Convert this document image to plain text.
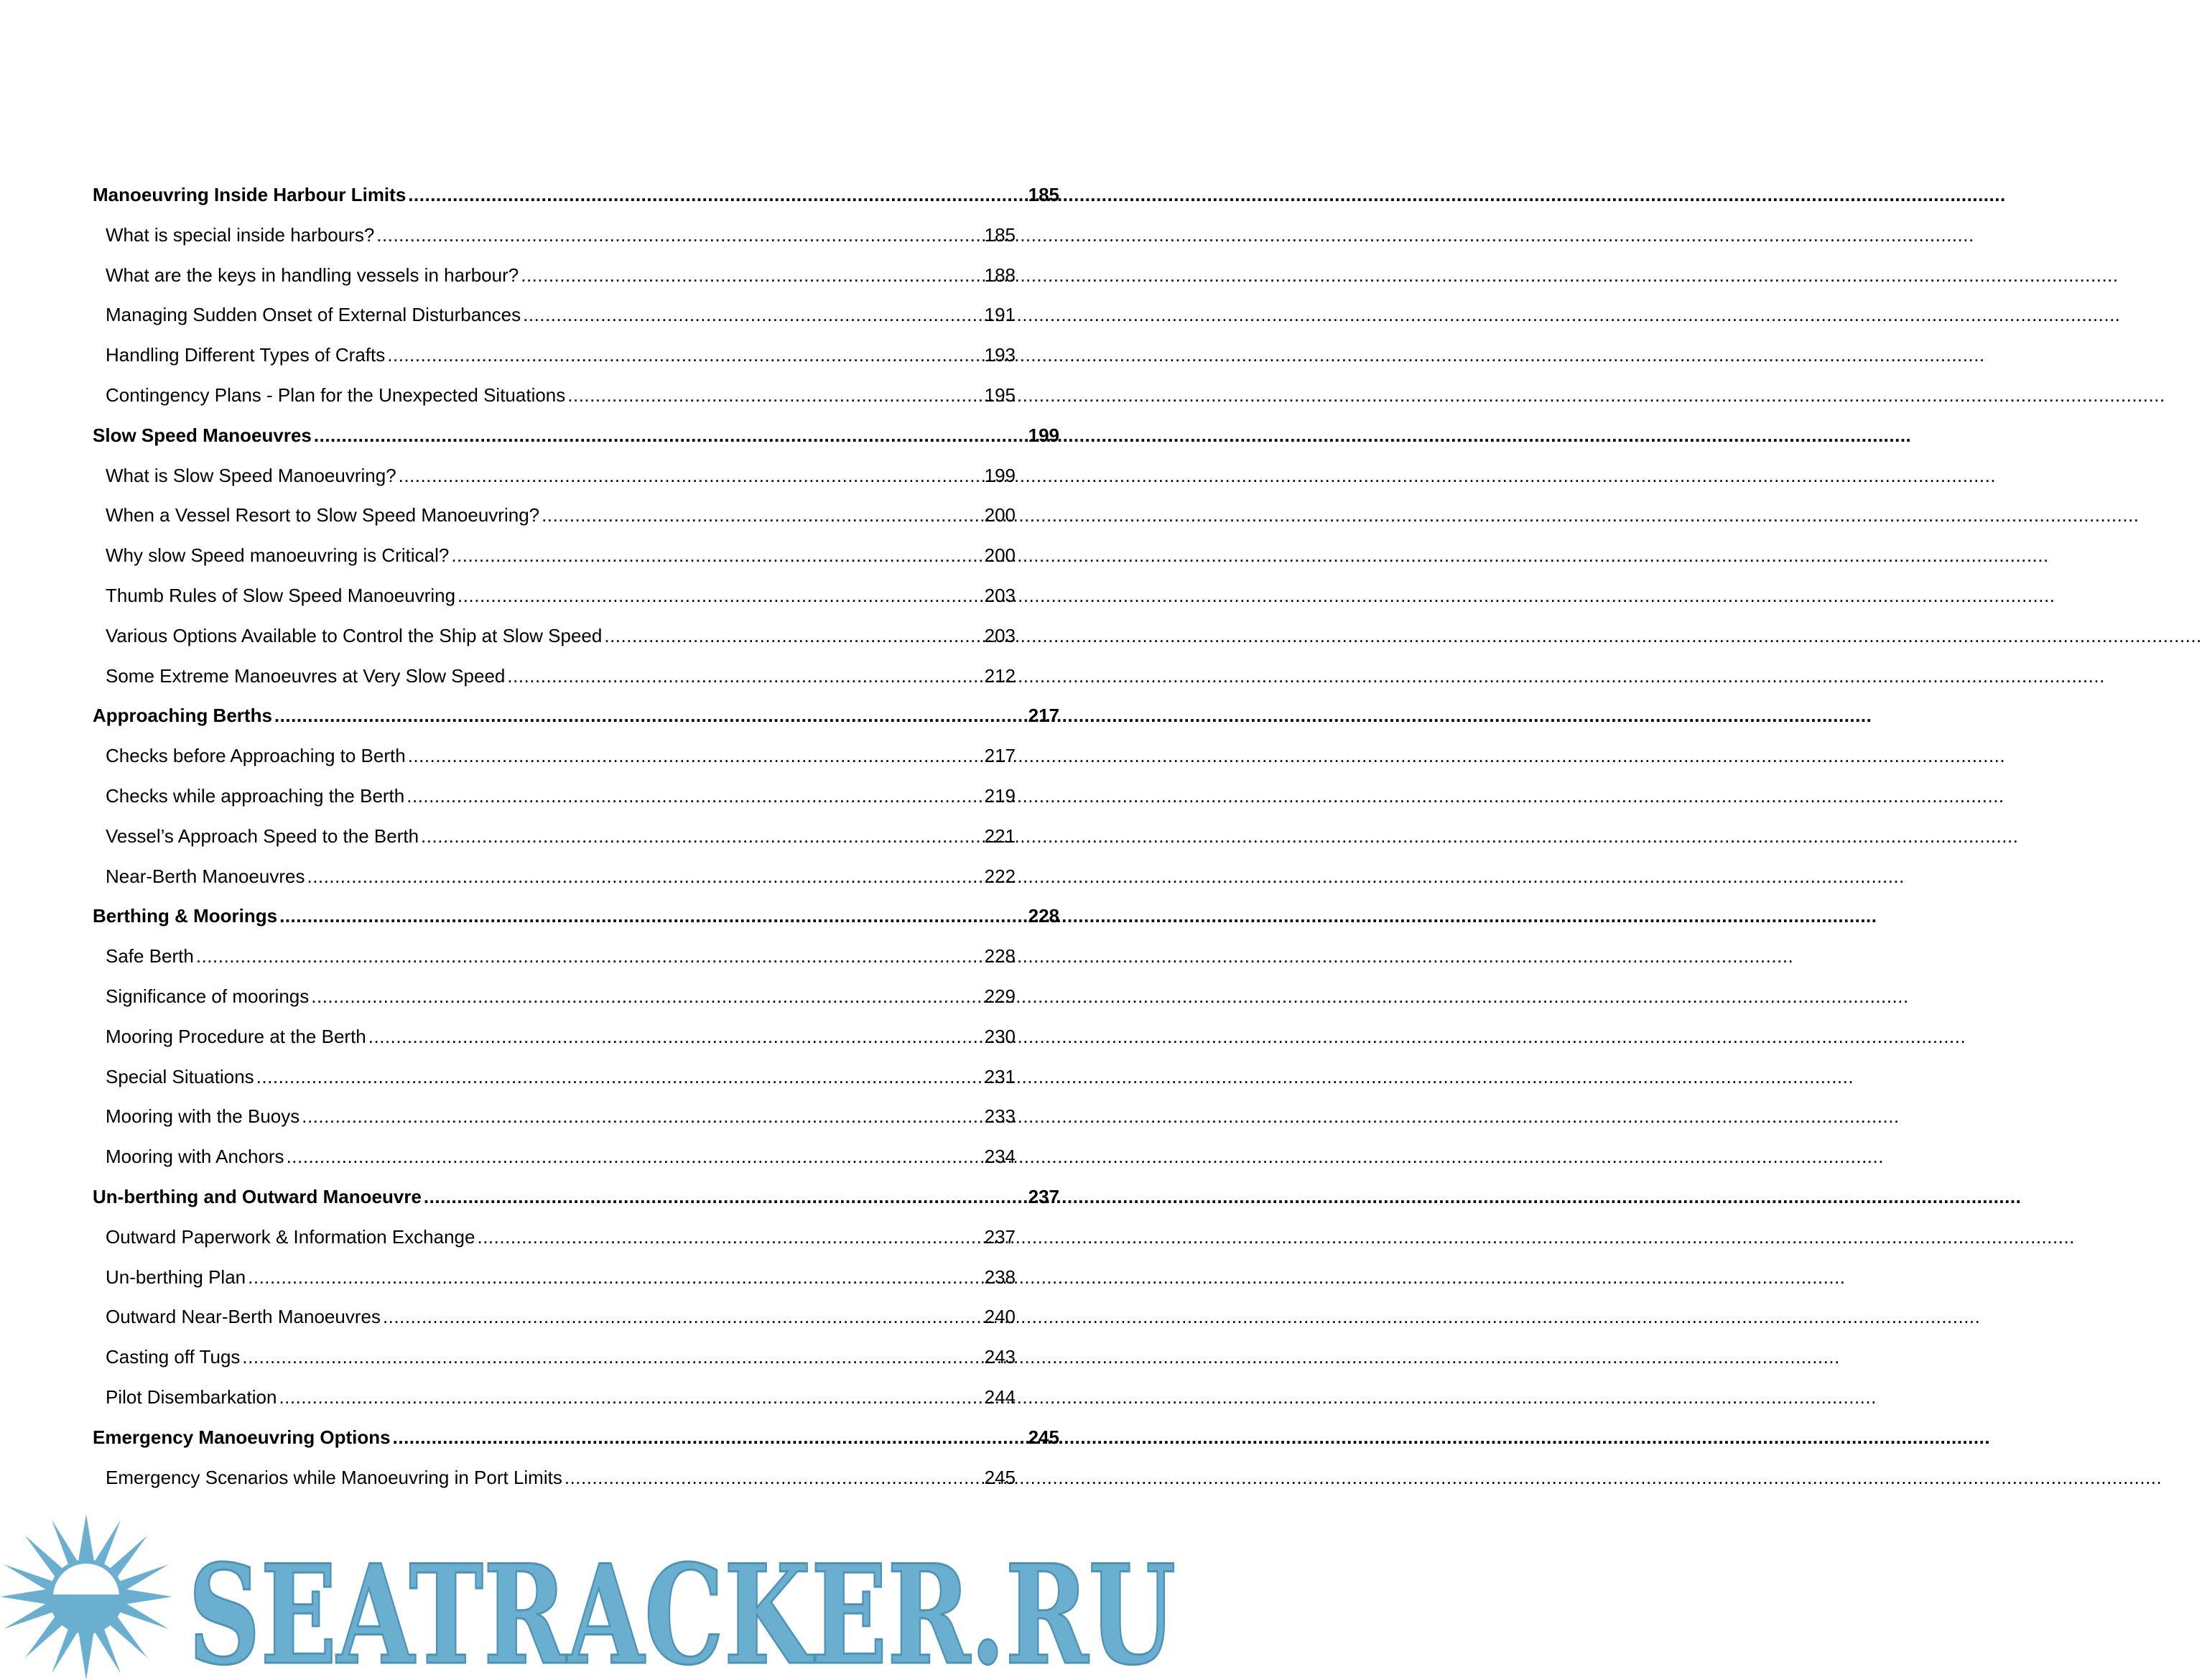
Manoeuvring Inside Harbour Limits .....	185
What is special inside harbours? .....	185
What are the keys in handling vessels in harbour? .....	188
Managing Sudden Onset of External Disturbances .....	191
Handling Different Types of Crafts .....	193
Contingency Plans - Plan for the Unexpected Situations .....	195
Slow Speed Manoeuvres .....	199
What is Slow Speed Manoeuvring? .....	199
When a Vessel Resort to Slow Speed Manoeuvring? .....	200
Why slow Speed manoeuvring is Critical? .....	200
Thumb Rules of Slow Speed Manoeuvring .....	203
Various Options Available to Control the Ship at Slow Speed .....	203
Some Extreme Manoeuvres at Very Slow Speed .....	212
Approaching Berths .....	217
Checks before Approaching to Berth .....	217
Checks while approaching the Berth .....	219
Vessel’s Approach Speed to the Berth .....	221
Near-Berth Manoeuvres .....	222
Berthing & Moorings .....	228
Safe Berth .....	228
Significance of moorings .....	229
Mooring Procedure at the Berth .....	230
Special Situations .....	231
Mooring with the Buoys .....	233
Mooring with Anchors .....	234
Un-berthing and Outward Manoeuvre .....	237
Outward Paperwork & Information Exchange .....	237
Un-berthing Plan .....	238
Outward Near-Berth Manoeuvres .....	240
Casting off Tugs .....	243
Pilot Disembarkation .....	244
Emergency Manoeuvring Options .....	245
Emergency Scenarios while Manoeuvring in Port Limits .....	245
SEATRACKER.RU
